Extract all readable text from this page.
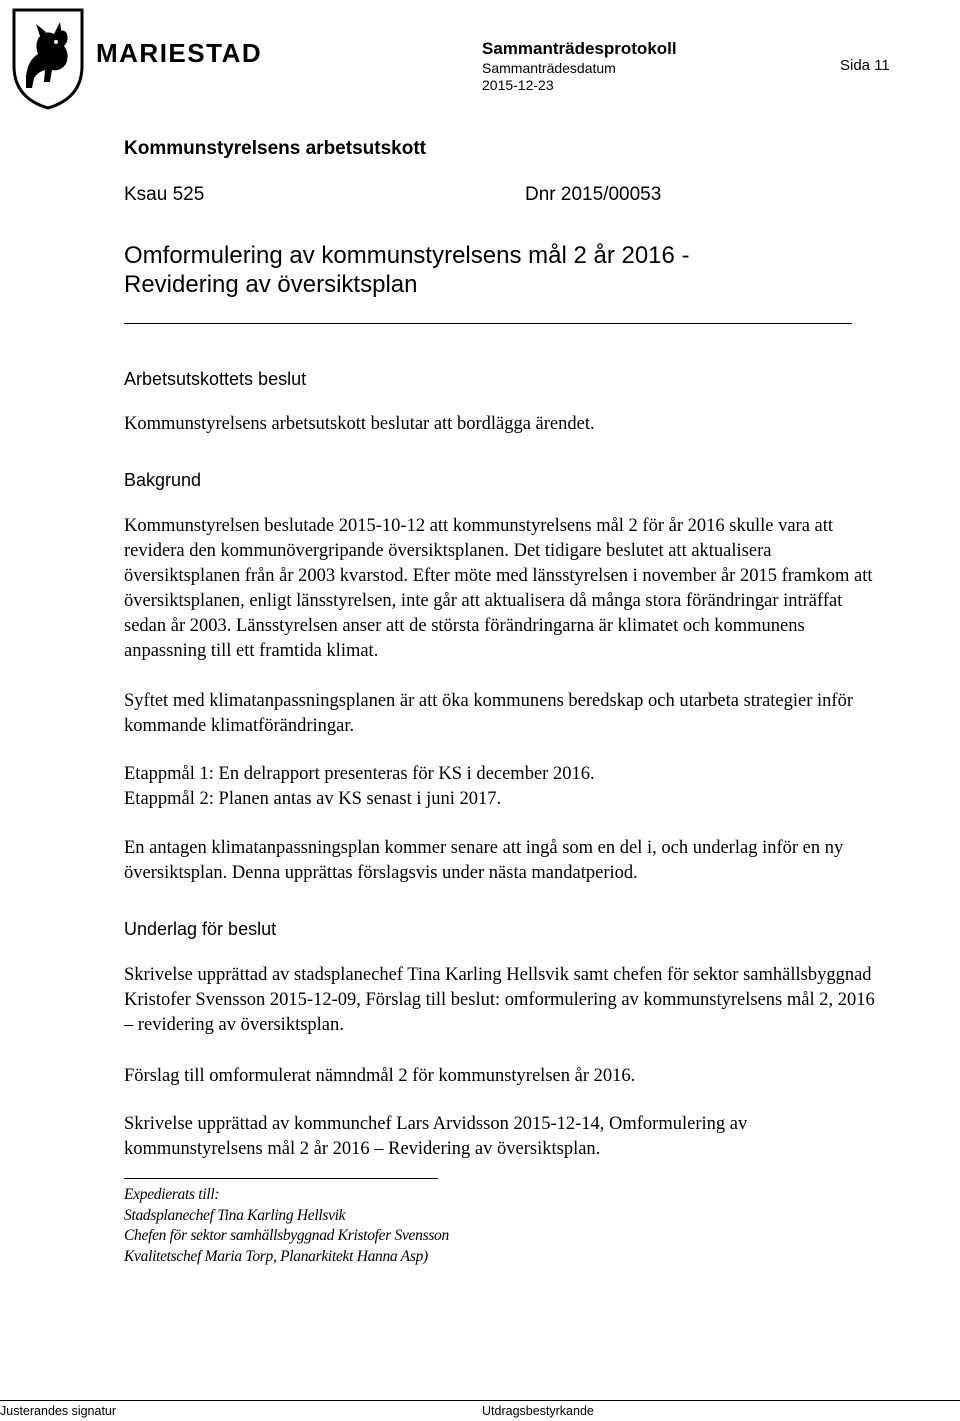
MARIESTAD	Sammanträdesprotokoll
Sammanträdesdatum
2015-12-23
Sida 11
Kommunstyrelsens arbetsutskott
Ksau 525	Dnr 2015/00053
Omformulering av kommunstyrelsens mål 2 år 2016 -
Revidering av översiktsplan
Arbetsutskottets beslut
Kommunstyrelsens arbetsutskott beslutar att bordlägga ärendet.
Bakgrund
Kommunstyrelsen beslutade 2015-10-12 att kommunstyrelsens mål 2 för år 2016 skulle vara att revidera den kommunövergripande översiktsplanen. Det tidigare beslutet att aktualisera översiktsplanen från år 2003 kvarstod. Efter möte med länsstyrelsen i november år 2015 framkom att översiktsplanen, enligt länsstyrelsen, inte går att aktualisera då många stora förändringar inträffat sedan år 2003. Länsstyrelsen anser att de största förändringarna är klimatet och kommunens anpassning till ett framtida klimat.
Syftet med klimatanpassningsplanen är att öka kommunens beredskap och utarbeta strategier inför kommande klimatförändringar.

Etappmål 1: En delrapport presenteras för KS i december 2016.

Etappmål 2: Planen antas av KS senast i juni 2017.

En antagen klimatanpassningsplan kommer senare att ingå som en del i, och underlag inför en ny översiktsplan. Denna upprättas förslagsvis under nästa mandatperiod.
Underlag för beslut
Skrivelse upprättad av stadsplanechef Tina Karling Hellsvik samt chefen för sektor samhällsbyggnad Kristofer Svensson 2015-12-09, Förslag till beslut: omformulering av kommunstyrelsens mål 2, 2016 – revidering av översiktsplan.
Förslag till omformulerat nämndmål 2 för kommunstyrelsen år 2016.
Skrivelse upprättad av kommunchef Lars Arvidsson 2015-12-14, Omformulering av kommunstyrelsens mål 2 år 2016 – Revidering av översiktsplan.
Expedierats till:
Stadsplanechef Tina Karling Hellsvik
Chefen för sektor samhällsbyggnad Kristofer Svensson
Kvalitetschef Maria Torp, Planarkitekt Hanna Asp)
Justerandes signatur	Utdragsbestyrkande
